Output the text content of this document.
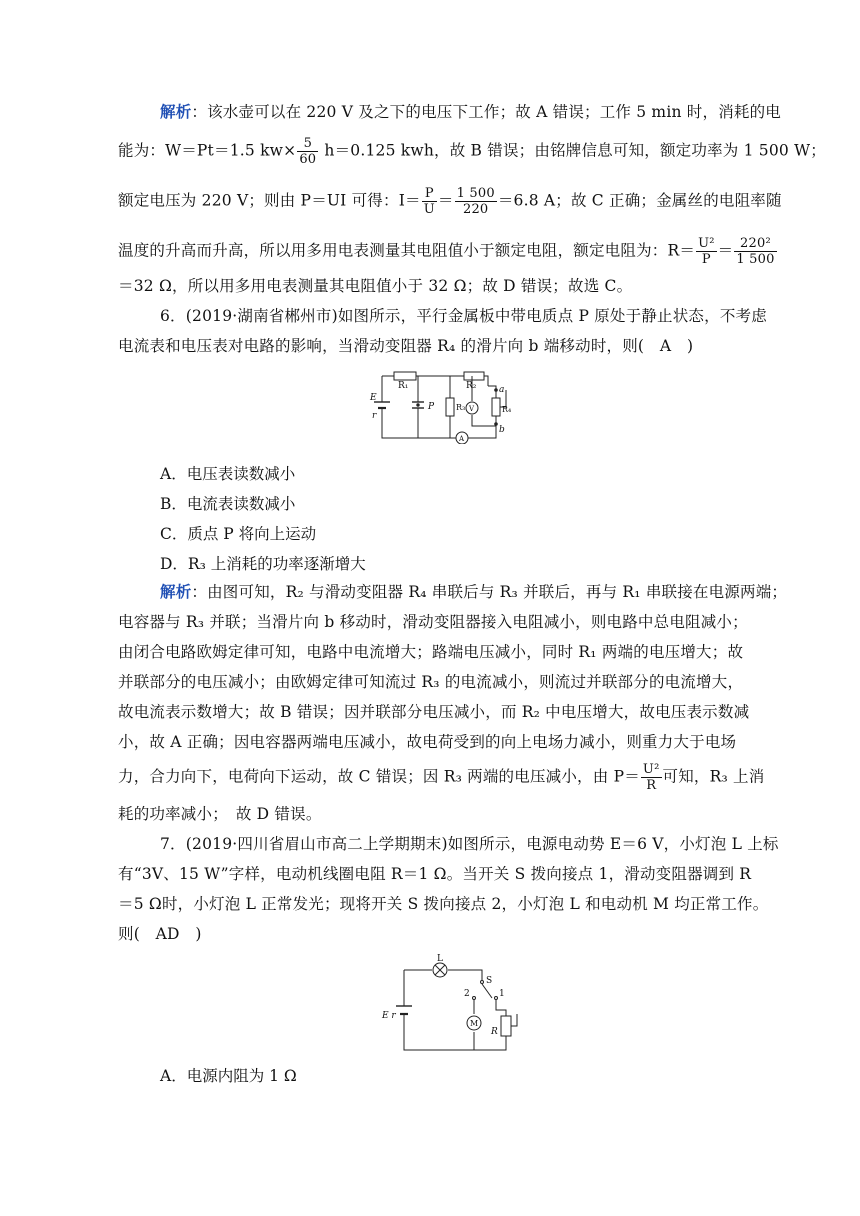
解析：该水壶可以在 220 V 及之下的电压下工作；故 A 错误；工作 5 min 时，消耗的电
能为：W＝Pt＝1.5 $kw\times \frac{5}{60} h=0.125$ kwh，故 B 错误；由铭牌信息可知，额定功率为 1 500 W；
额定电压为 220 V；则由 P＝UI 可得：$I= \frac{P}{U} = \frac{1 500}{220} =6.8$ A；故 C 正确；金属丝的电阻率随
温度的升高而升高，所以用多用电表测量其电阻值小于额定电阻，额定电阻为：$R= \frac{\text{U²}}{P} = \frac{\text{220²}}{1 500}$
＝32 Ω，所以用多用电表测量其电阻值小于 32 Ω；故 D 错误；故选 C。
6．(2019·湖南省郴州市)如图所示，平行金属板中带电质点 P 原处于静止状态，不考虑
电流表和电压表对电路的影响，当滑动变阻器 R₄ 的滑片向 b 端移动时，则(　A　)
R₁	R₂
R₃	R₄
E
r
P
a
b
V
A
A．电压表读数减小
B．电流表读数减小
C．质点 P 将向上运动
D．R₃ 上消耗的功率逐渐增大
解析：由图可知，R₂ 与滑动变阻器 R₄ 串联后与 R₃ 并联后，再与 R₁ 串联接在电源两端；
电容器与 R₃ 并联；当滑片向 b 移动时，滑动变阻器接入电阻减小，则电路中总电阻减小；
由闭合电路欧姆定律可知，电路中电流增大；路端电压减小，同时 R₁ 两端的电压增大；故
并联部分的电压减小；由欧姆定律可知流过 R₃ 的电流减小，则流过并联部分的电流增大，
故电流表示数增大；故 B 错误；因并联部分电压减小，而 R₂ 中电压增大，故电压表示数减
小，故 A 正确；因电容器两端电压减小，故电荷受到的向上电场力减小，则重力大于电场
力，合力向下，电荷向下运动，故 C 错误；因 R₃ 两端的电压减小，由 $P= \frac{\text{U²}}{R}$ 可知，R₃ 上消
耗的功率减小；　故 D 错误。
7．(2019·四川省眉山市高二上学期期末)如图所示，电源电动势 E＝6 V，小灯泡 L 上标
有“3V、15 W”字样，电动机线圈电阻 R＝1 Ω。当开关 S 拨向接点 1，滑动变阻器调到 R
＝5 Ω时，小灯泡 L 正常发光；现将开关 S 拨向接点 2，小灯泡 L 和电动机 M 均正常工作。
则(　AD　)
L
S
2	1
E r
M
R
A．电源内阻为 1 Ω
